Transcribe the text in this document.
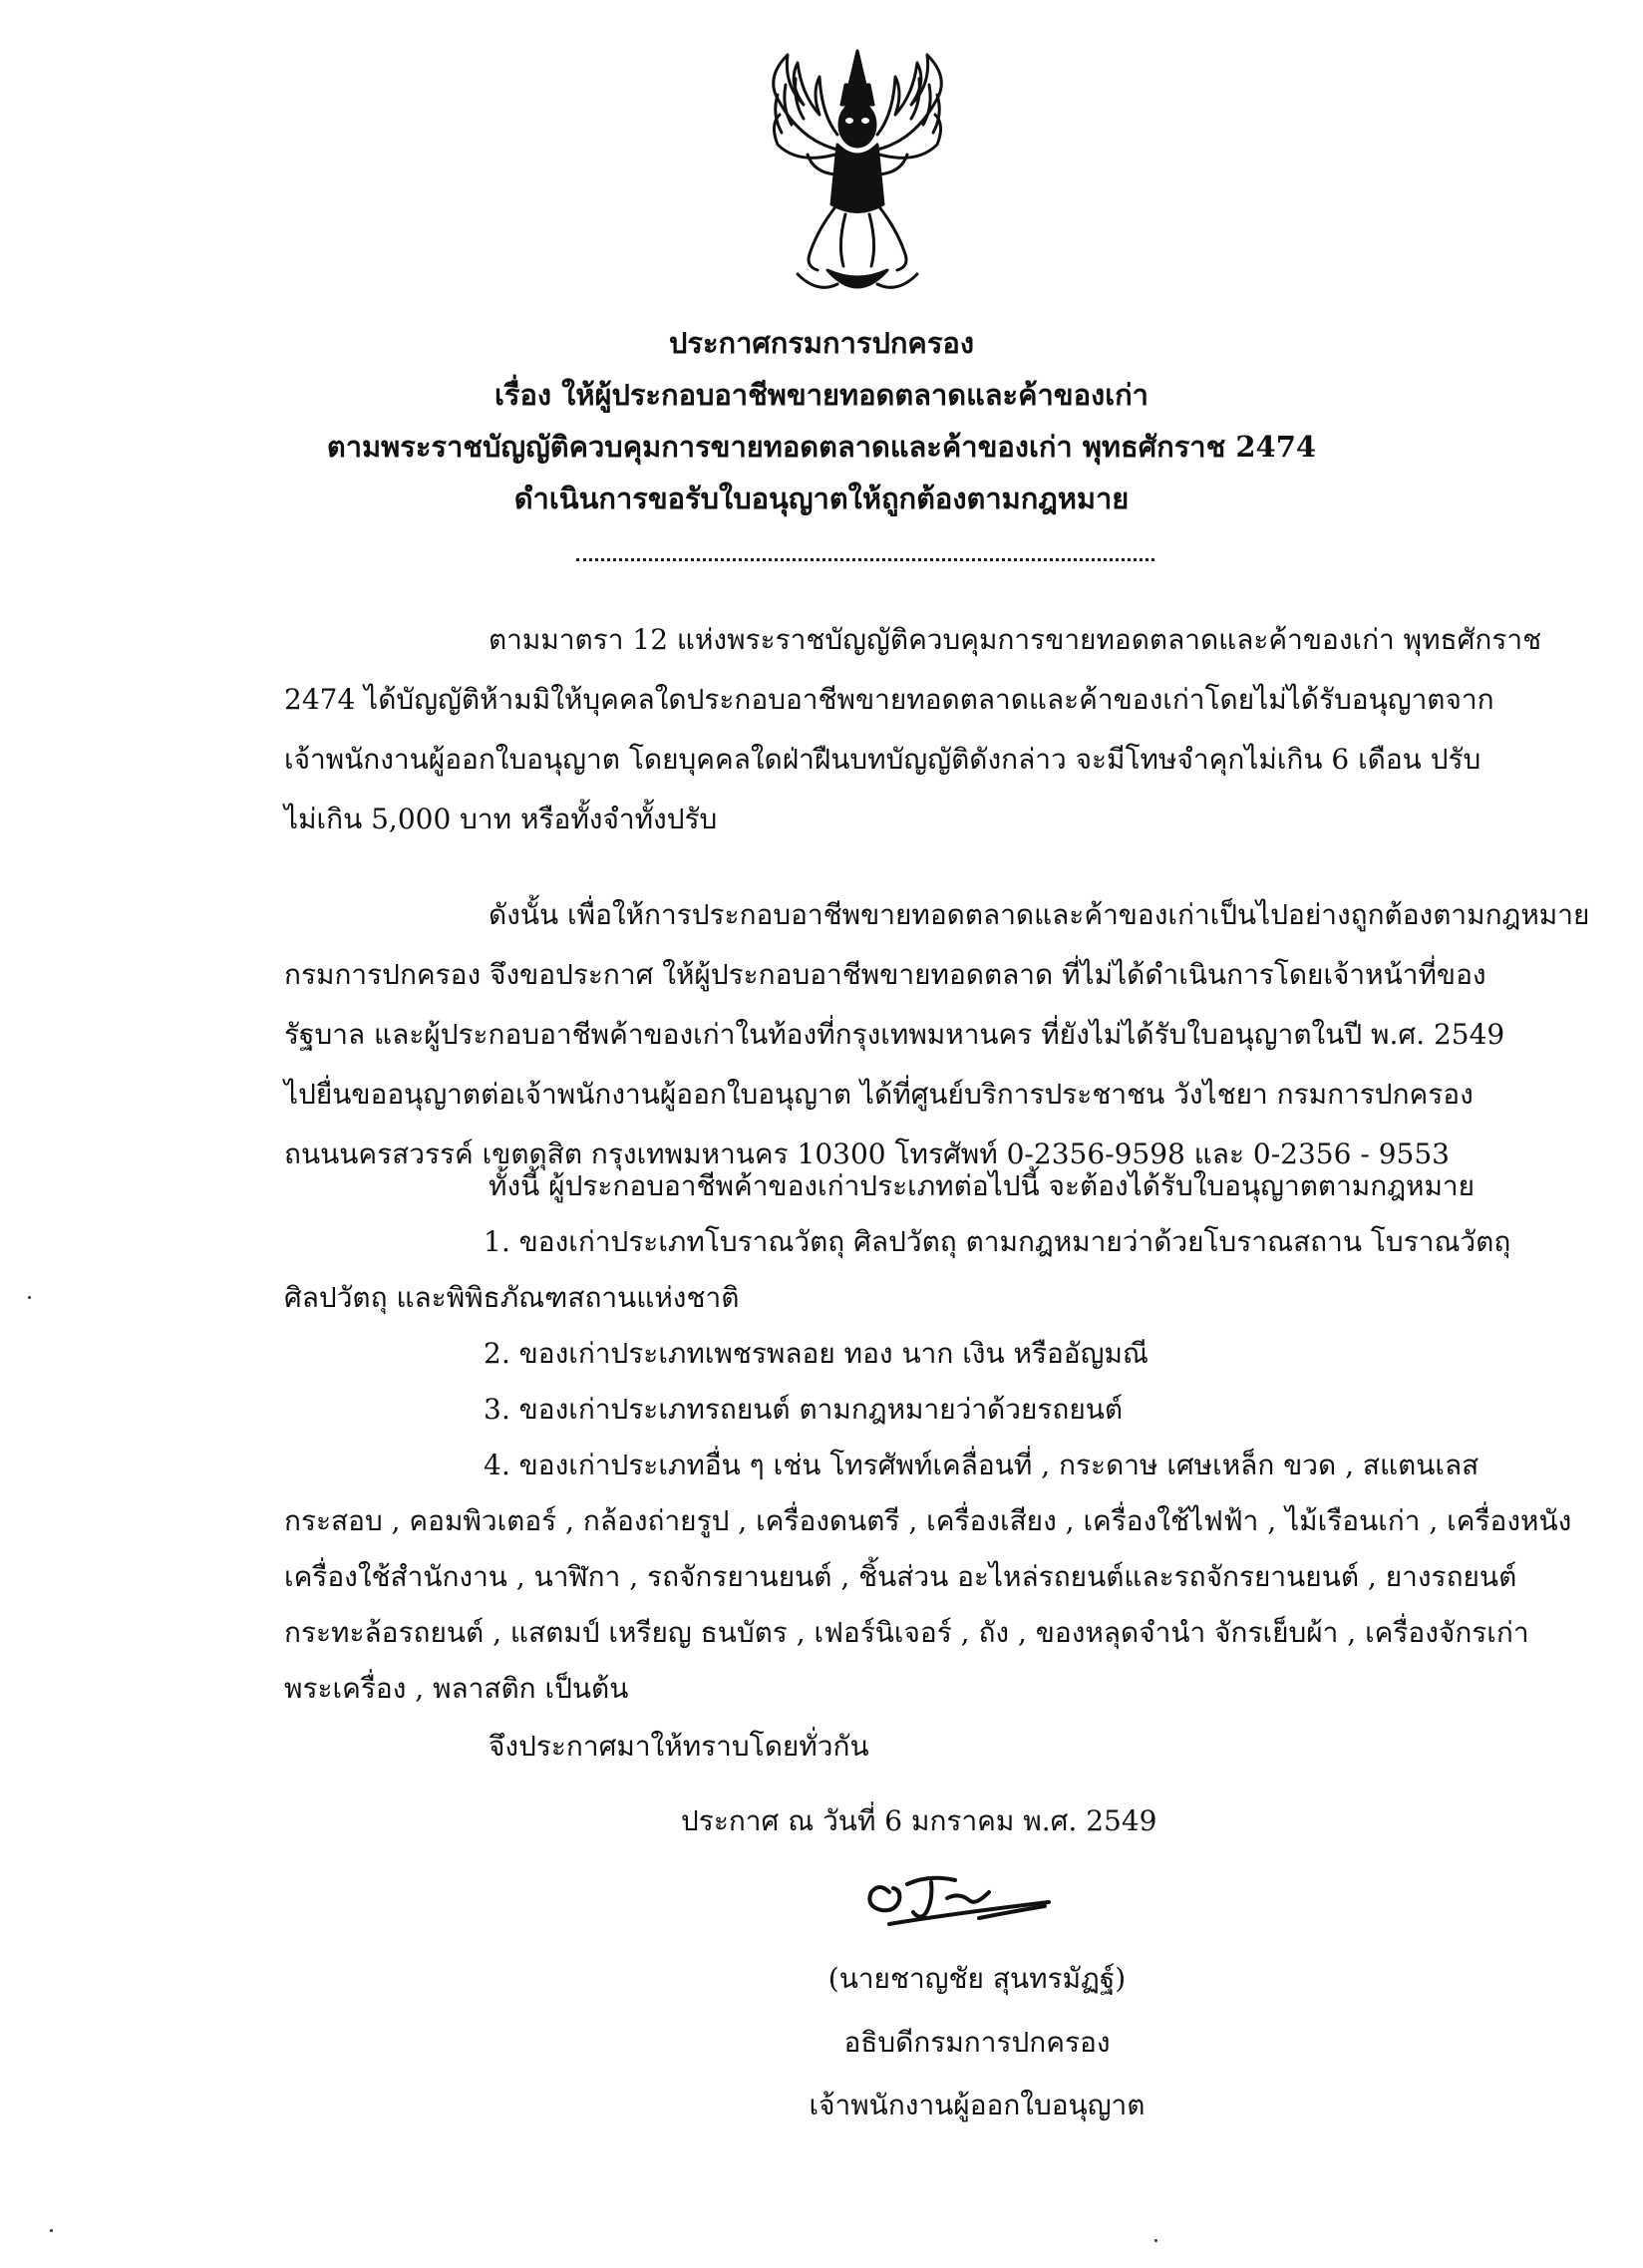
ประกาศกรมการปกครอง
เรื่อง ให้ผู้ประกอบอาชีพขายทอดตลาดและค้าของเก่า
ตามพระราชบัญญัติควบคุมการขายทอดตลาดและค้าของเก่า พุทธศักราช 2474
ดำเนินการขอรับใบอนุญาตให้ถูกต้องตามกฎหมาย
ตามมาตรา 12 แห่งพระราชบัญญัติควบคุมการขายทอดตลาดและค้าของเก่า พุทธศักราช
2474 ได้บัญญัติห้ามมิให้บุคคลใดประกอบอาชีพขายทอดตลาดและค้าของเก่าโดยไม่ได้รับอนุญาตจาก
เจ้าพนักงานผู้ออกใบอนุญาต โดยบุคคลใดฝ่าฝืนบทบัญญัติดังกล่าว จะมีโทษจำคุกไม่เกิน 6 เดือน ปรับ
ไม่เกิน 5,000 บาท หรือทั้งจำทั้งปรับ
ดังนั้น เพื่อให้การประกอบอาชีพขายทอดตลาดและค้าของเก่าเป็นไปอย่างถูกต้องตามกฎหมาย
กรมการปกครอง จึงขอประกาศ ให้ผู้ประกอบอาชีพขายทอดตลาด ที่ไม่ได้ดำเนินการโดยเจ้าหน้าที่ของ
รัฐบาล และผู้ประกอบอาชีพค้าของเก่าในท้องที่กรุงเทพมหานคร ที่ยังไม่ได้รับใบอนุญาตในปี พ.ศ. 2549
ไปยื่นขออนุญาตต่อเจ้าพนักงานผู้ออกใบอนุญาต ได้ที่ศูนย์บริการประชาชน วังไชยา กรมการปกครอง
ถนนนครสวรรค์ เขตดุสิต กรุงเทพมหานคร 10300 โทรศัพท์ 0-2356-9598 และ 0-2356 - 9553
ทั้งนี้ ผู้ประกอบอาชีพค้าของเก่าประเภทต่อไปนี้ จะต้องได้รับใบอนุญาตตามกฎหมาย
1. ของเก่าประเภทโบราณวัตถุ ศิลปวัตถุ ตามกฎหมายว่าด้วยโบราณสถาน โบราณวัตถุ
ศิลปวัตถุ และพิพิธภัณฑสถานแห่งชาติ
2. ของเก่าประเภทเพชรพลอย ทอง นาก เงิน หรืออัญมณี
3. ของเก่าประเภทรถยนต์ ตามกฎหมายว่าด้วยรถยนต์
4. ของเก่าประเภทอื่น ๆ เช่น โทรศัพท์เคลื่อนที่ , กระดาษ เศษเหล็ก ขวด , สแตนเลส
กระสอบ , คอมพิวเตอร์ , กล้องถ่ายรูป , เครื่องดนตรี , เครื่องเสียง , เครื่องใช้ไฟฟ้า , ไม้เรือนเก่า , เครื่องหนัง
เครื่องใช้สำนักงาน , นาฬิกา , รถจักรยานยนต์ , ชิ้นส่วน อะไหล่รถยนต์และรถจักรยานยนต์ , ยางรถยนต์
กระทะล้อรถยนต์ , แสตมป์ เหรียญ ธนบัตร , เฟอร์นิเจอร์ , ถัง , ของหลุดจำนำ จักรเย็บผ้า , เครื่องจักรเก่า
พระเครื่อง , พลาสติก เป็นต้น
จึงประกาศมาให้ทราบโดยทั่วกัน
ประกาศ ณ วันที่ 6 มกราคม พ.ศ. 2549
(นายชาญชัย สุนทรมัฏฐ์)
อธิบดีกรมการปกครอง
เจ้าพนักงานผู้ออกใบอนุญาต
